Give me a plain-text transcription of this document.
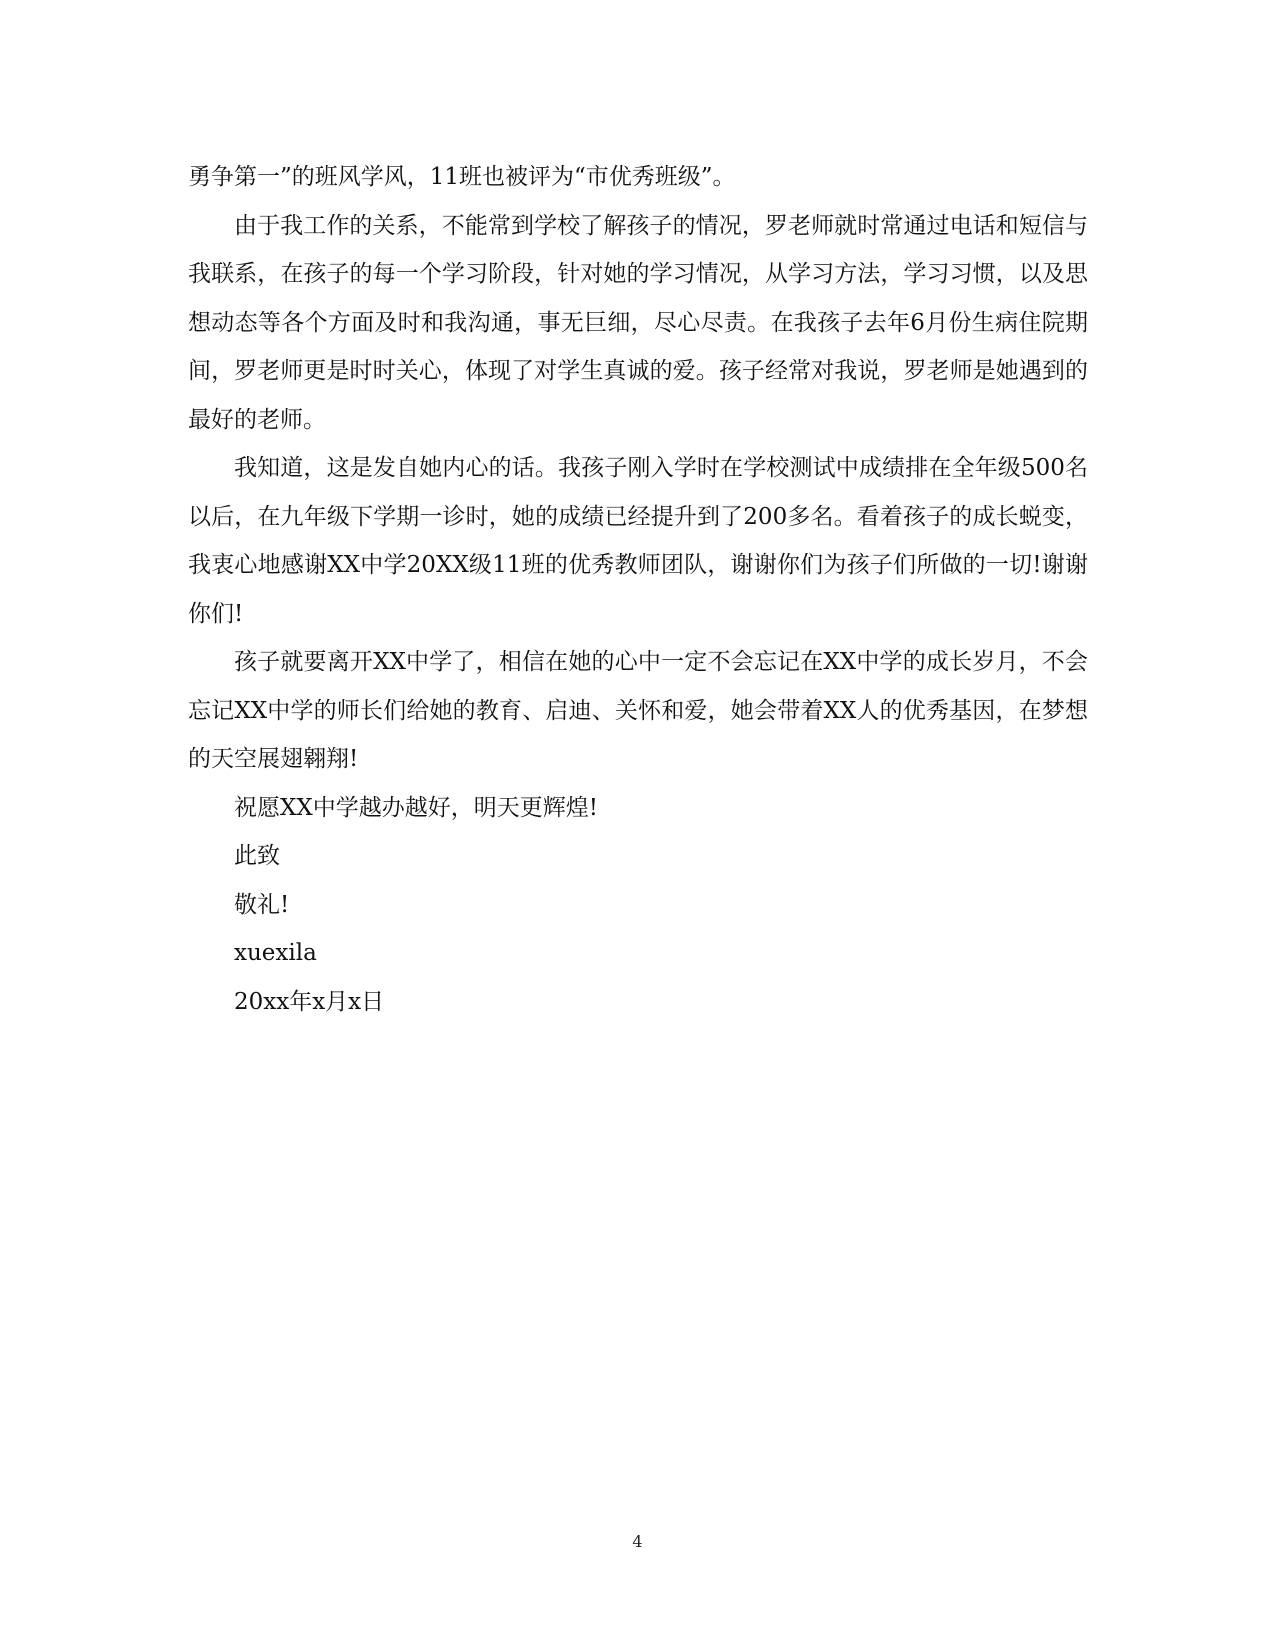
勇争第一”的班风学风，11班也被评为“市优秀班级”。

由于我工作的关系，不能常到学校了解孩子的情况，罗老师就时常通过电话和短信与我联系，在孩子的每一个学习阶段，针对她的学习情况，从学习方法，学习习惯，以及思想动态等各个方面及时和我沟通，事无巨细，尽心尽责。在我孩子去年6月份生病住院期间，罗老师更是时时关心，体现了对学生真诚的爱。孩子经常对我说，罗老师是她遇到的最好的老师。

我知道，这是发自她内心的话。我孩子刚入学时在学校测试中成绩排在全年级500名以后，在九年级下学期一诊时，她的成绩已经提升到了200多名。看着孩子的成长蜕变，我衷心地感谢XX中学20XX级11班的优秀教师团队，谢谢你们为孩子们所做的一切!谢谢你们!

孩子就要离开XX中学了，相信在她的心中一定不会忘记在XX中学的成长岁月，不会忘记XX中学的师长们给她的教育、启迪、关怀和爱，她会带着XX人的优秀基因，在梦想的天空展翅翱翔!

祝愿XX中学越办越好，明天更辉煌!

此致

敬礼!

xuexila

20xx年x月x日

4
